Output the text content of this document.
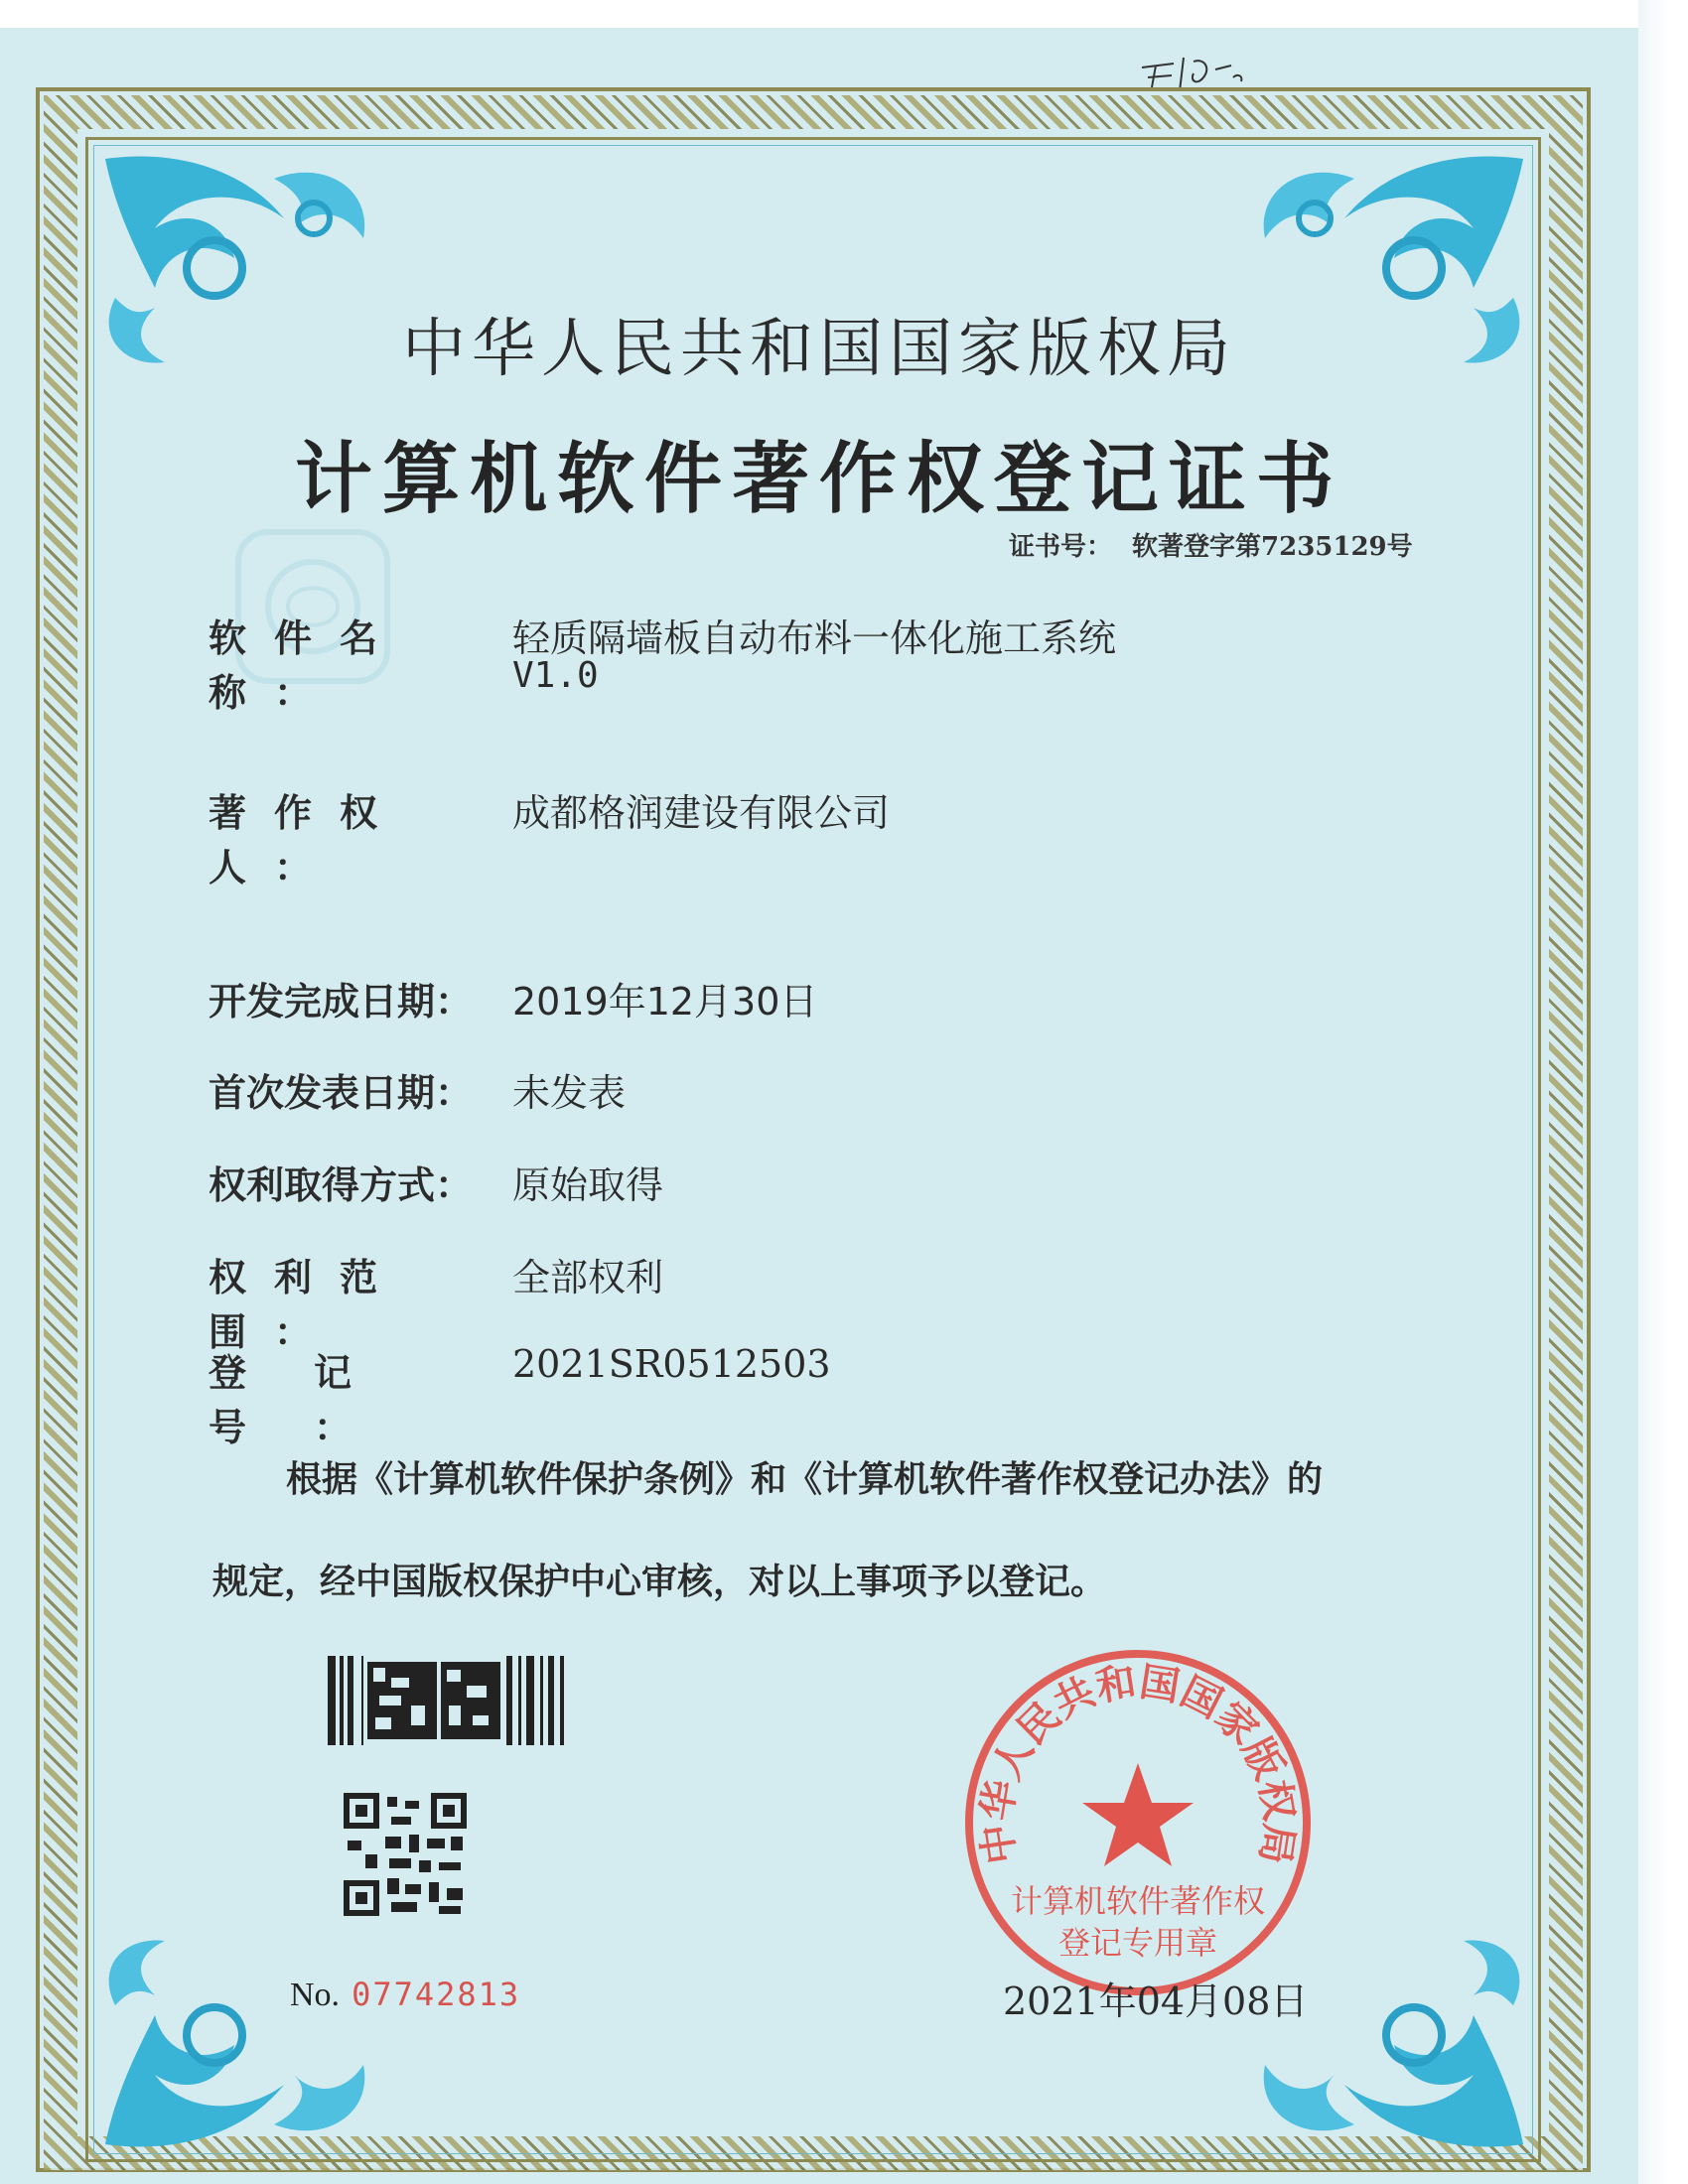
中华人民共和国国家版权局
计算机软件著作权登记证书
证书号： 软著登字第7235129号
软件名称：
轻质隔墙板自动布料一体化施工系统
V1.0
著作权人：
成都格润建设有限公司
开发完成日期： 2019年12月30日
首次发表日期： 未发表
权利取得方式： 原始取得
权利范围：
全部权利
登记号：
2021SR0512503
根据《计算机软件保护条例》和《计算机软件著作权登记办法》的
规定，经中国版权保护中心审核，对以上事项予以登记。
No. 07742813
中华人民共和国国家版权局
计算机软件著作权
登记专用章
2021年04月08日
